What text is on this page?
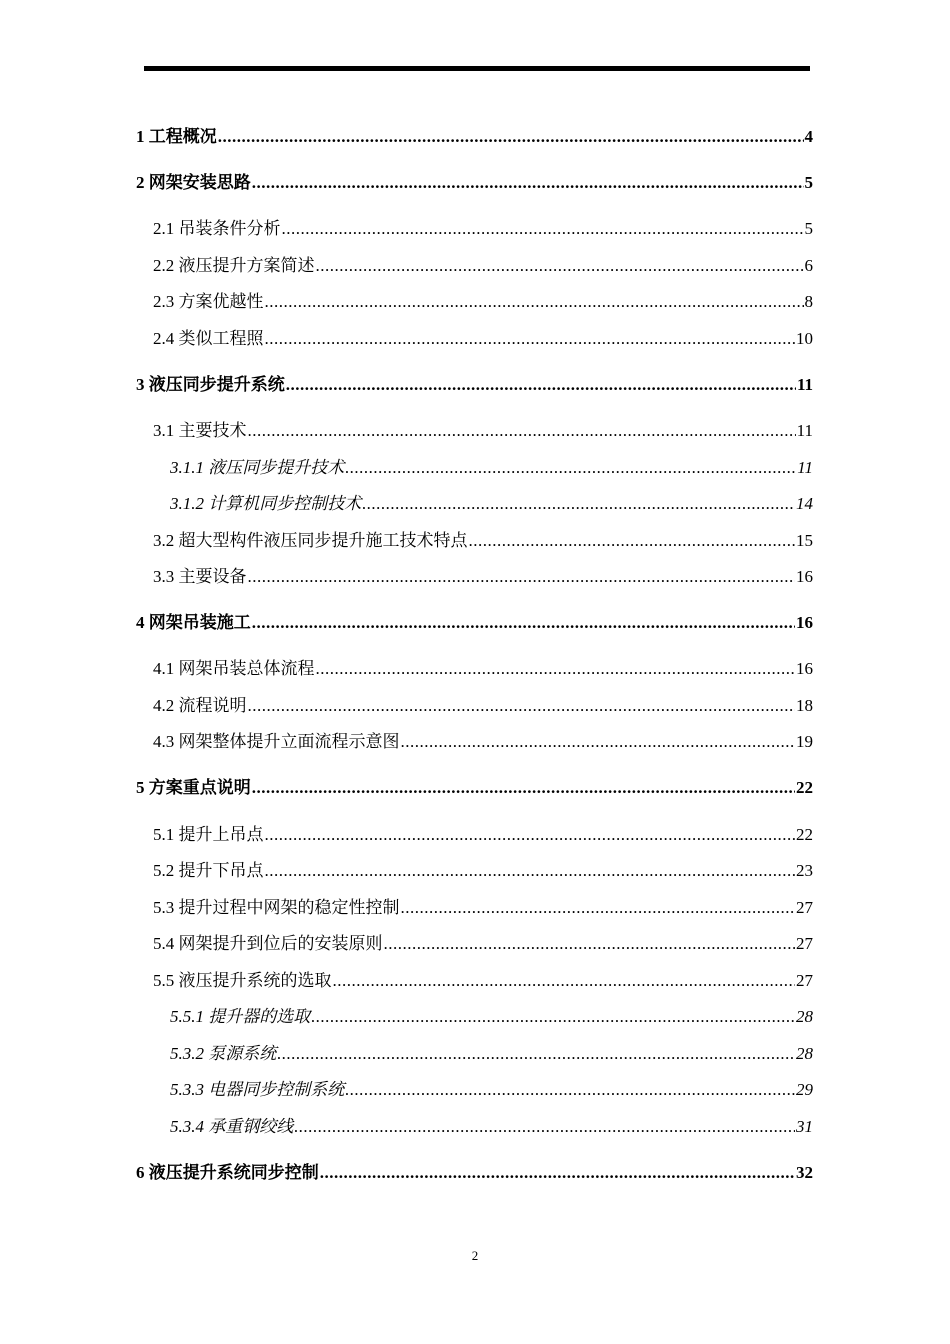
1 工程概况 .....	4
2 网架安装思路 .....	5
2.1 吊装条件分析 .....	5
2.2 液压提升方案简述 .....	6
2.3 方案优越性 .....	8
2.4 类似工程照 .....	10
3 液压同步提升系统 .....	11
3.1 主要技术 .....	11
3.1.1 液压同步提升技术 .....	11
3.1.2 计算机同步控制技术 .....	14
3.2 超大型构件液压同步提升施工技术特点 .....	15
3.3 主要设备 .....	16
4 网架吊装施工 .....	16
4.1 网架吊装总体流程 .....	16
4.2 流程说明 .....	18
4.3 网架整体提升立面流程示意图 .....	19
5 方案重点说明 .....	22
5.1 提升上吊点 .....	22
5.2 提升下吊点 .....	23
5.3 提升过程中网架的稳定性控制 .....	27
5.4 网架提升到位后的安装原则 .....	27
5.5 液压提升系统的选取 .....	27
5.5.1 提升器的选取 .....	28
5.3.2 泵源系统 .....	28
5.3.3 电器同步控制系统 .....	29
5.3.4 承重钢绞线 .....	31
6 液压提升系统同步控制 .....	32
2
